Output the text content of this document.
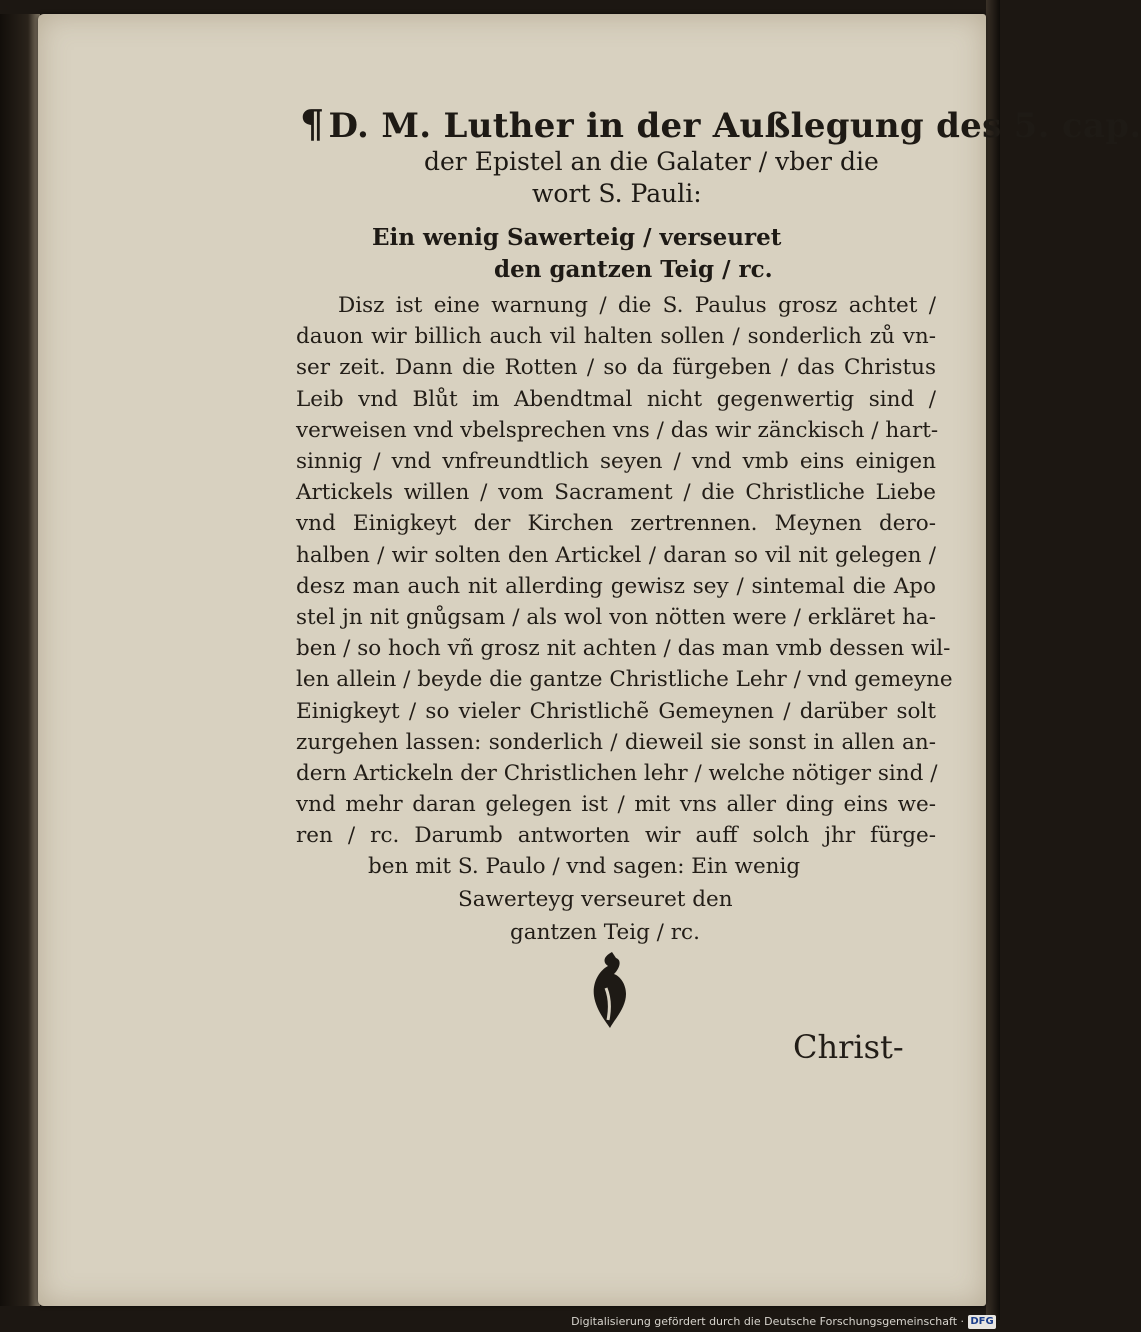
¶ D. M. Luther in der Außlegung des 5. cap.
der Epistel an die Galater / vber die
wort S. Pauli:
Ein wenig Sawerteig / verseuret
den gantzen Teig / rc.
Disz ist eine warnung / die S. Paulus grosz achtet /
dauon wir billich auch vil halten sollen / sonderlich zů vn-
ser zeit. Dann die Rotten / so da fürgeben / das Christus
Leib vnd Blůt im Abendtmal nicht gegenwertig sind /
verweisen vnd vbelsprechen vns / das wir zänckisch / hart-
sinnig / vnd vnfreundtlich seyen / vnd vmb eins einigen
Artickels willen / vom Sacrament / die Christliche Liebe
vnd Einigkeyt der Kirchen zertrennen. Meynen dero-
halben / wir solten den Artickel / daran so vil nit gelegen /
desz man auch nit allerding gewisz sey / sintemal die Apo
stel jn nit gnůgsam / als wol von nötten were / erkläret ha-
ben / so hoch vñ grosz nit achten / das man vmb dessen wil-
len allein / beyde die gantze Christliche Lehr / vnd gemeyne
Einigkeyt / so vieler Christlichẽ Gemeynen / darüber solt
zurgehen lassen: sonderlich / dieweil sie sonst in allen an-
dern Artickeln der Christlichen lehr / welche nötiger sind /
vnd mehr daran gelegen ist / mit vns aller ding eins we-
ren / rc. Darumb antworten wir auff solch jhr fürge-
ben mit S. Paulo / vnd sagen: Ein wenig
Sawerteyg verseuret den
gantzen Teig / rc.
Christ-
Digitalisierung gefördert durch die Deutsche Forschungsgemeinschaft · DFG
